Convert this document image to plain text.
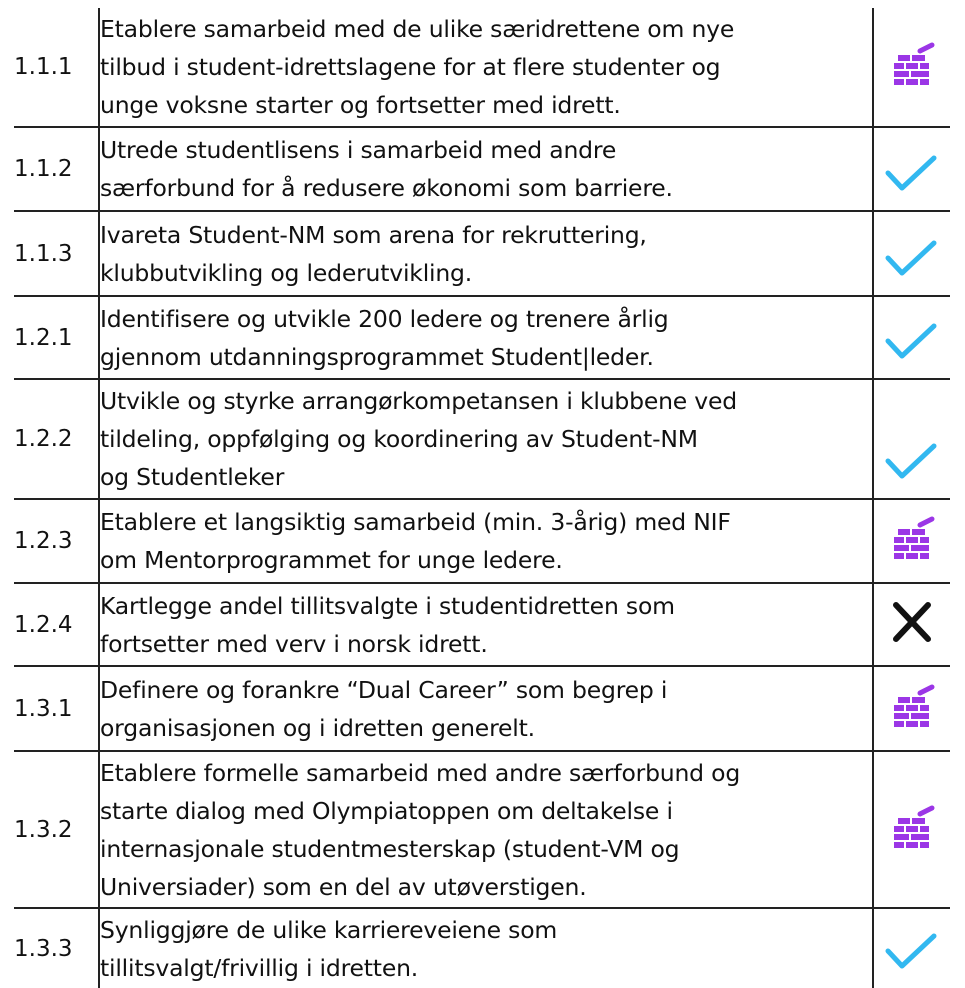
1.1.1	Etablere samarbeid med de ulike særidrettene om nye
tilbud i student-idrettslagene for at flere studenter og
unge voksne starter og fortsetter med idrett.

1.1.2	Utrede studentlisens i samarbeid med andre
særforbund for å redusere økonomi som barriere.

1.1.3	Ivareta Student-NM som arena for rekruttering,
klubbutvikling og lederutvikling.

1.2.1	Identifisere og utvikle 200 ledere og trenere årlig
gjennom utdanningsprogrammet Student|leder.

1.2.2	Utvikle og styrke arrangørkompetansen i klubbene ved
tildeling, oppfølging og koordinering av Student-NM
og Studentleker

1.2.3	Etablere et langsiktig samarbeid (min. 3-årig) med NIF
om Mentorprogrammet for unge ledere.

1.2.4	Kartlegge andel tillitsvalgte i studentidretten som
fortsetter med verv i norsk idrett.

1.3.1	Definere og forankre “Dual Career” som begrep i
organisasjonen og i idretten generelt.

1.3.2	Etablere formelle samarbeid med andre særforbund og
starte dialog med Olympiatoppen om deltakelse i
internasjonale studentmesterskap (student-VM og
Universiader) som en del av utøverstigen.

1.3.3	Synliggjøre de ulike karriereveiene som
tillitsvalgt/frivillig i idretten.
